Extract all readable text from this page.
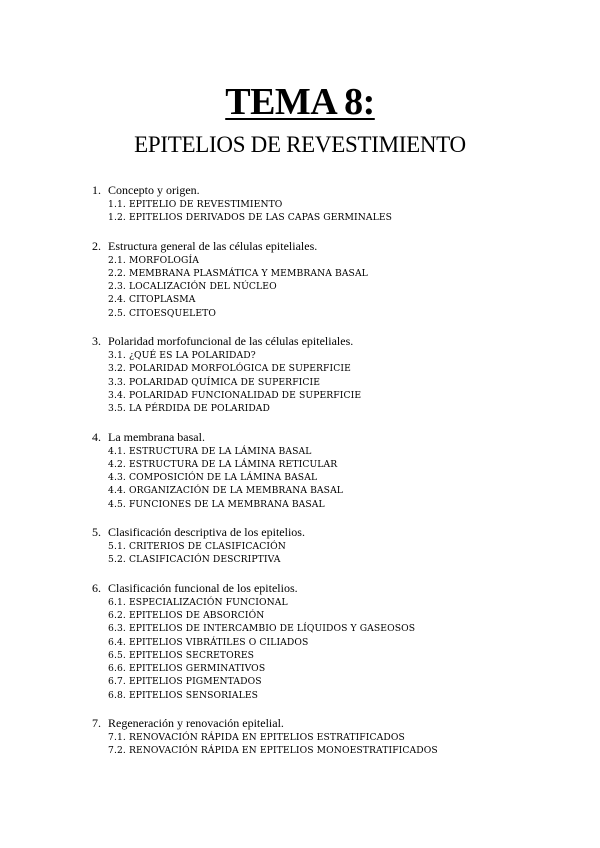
TEMA 8:
EPITELIOS DE REVESTIMIENTO
1. Concepto y origen.
1.1. EPITELIO DE REVESTIMIENTO
1.2. EPITELIOS DERIVADOS DE LAS CAPAS GERMINALES
2. Estructura general de las células epiteliales.
2.1. MORFOLOGÍA
2.2. MEMBRANA PLASMÁTICA Y MEMBRANA BASAL
2.3. LOCALIZACIÓN DEL NÚCLEO
2.4. CITOPLASMA
2.5. CITOESQUELETO
3. Polaridad morfofuncional de las células epiteliales.
3.1. ¿QUÉ ES LA POLARIDAD?
3.2. POLARIDAD MORFOLÓGICA DE SUPERFICIE
3.3. POLARIDAD QUÍMICA DE SUPERFICIE
3.4. POLARIDAD FUNCIONALIDAD DE SUPERFICIE
3.5. LA PÉRDIDA DE POLARIDAD
4. La membrana basal.
4.1. ESTRUCTURA DE LA LÁMINA BASAL
4.2. ESTRUCTURA DE LA LÁMINA RETICULAR
4.3. COMPOSICIÓN DE LA LÁMINA BASAL
4.4. ORGANIZACIÓN DE LA MEMBRANA BASAL
4.5. FUNCIONES DE LA MEMBRANA BASAL
5. Clasificación descriptiva de los epitelios.
5.1. CRITERIOS DE CLASIFICACIÓN
5.2. CLASIFICACIÓN DESCRIPTIVA
6. Clasificación funcional de los epitelios.
6.1. ESPECIALIZACIÓN FUNCIONAL
6.2. EPITELIOS DE ABSORCIÓN
6.3. EPITELIOS DE INTERCAMBIO DE LÍQUIDOS Y GASEOSOS
6.4. EPITELIOS VIBRÁTILES O CILIADOS
6.5. EPITELIOS SECRETORES
6.6. EPITELIOS GERMINATIVOS
6.7. EPITELIOS PIGMENTADOS
6.8. EPITELIOS SENSORIALES
7. Regeneración y renovación epitelial.
7.1. RENOVACIÓN RÁPIDA EN EPITELIOS ESTRATIFICADOS
7.2. RENOVACIÓN RÁPIDA EN EPITELIOS MONOESTRATIFICADOS
